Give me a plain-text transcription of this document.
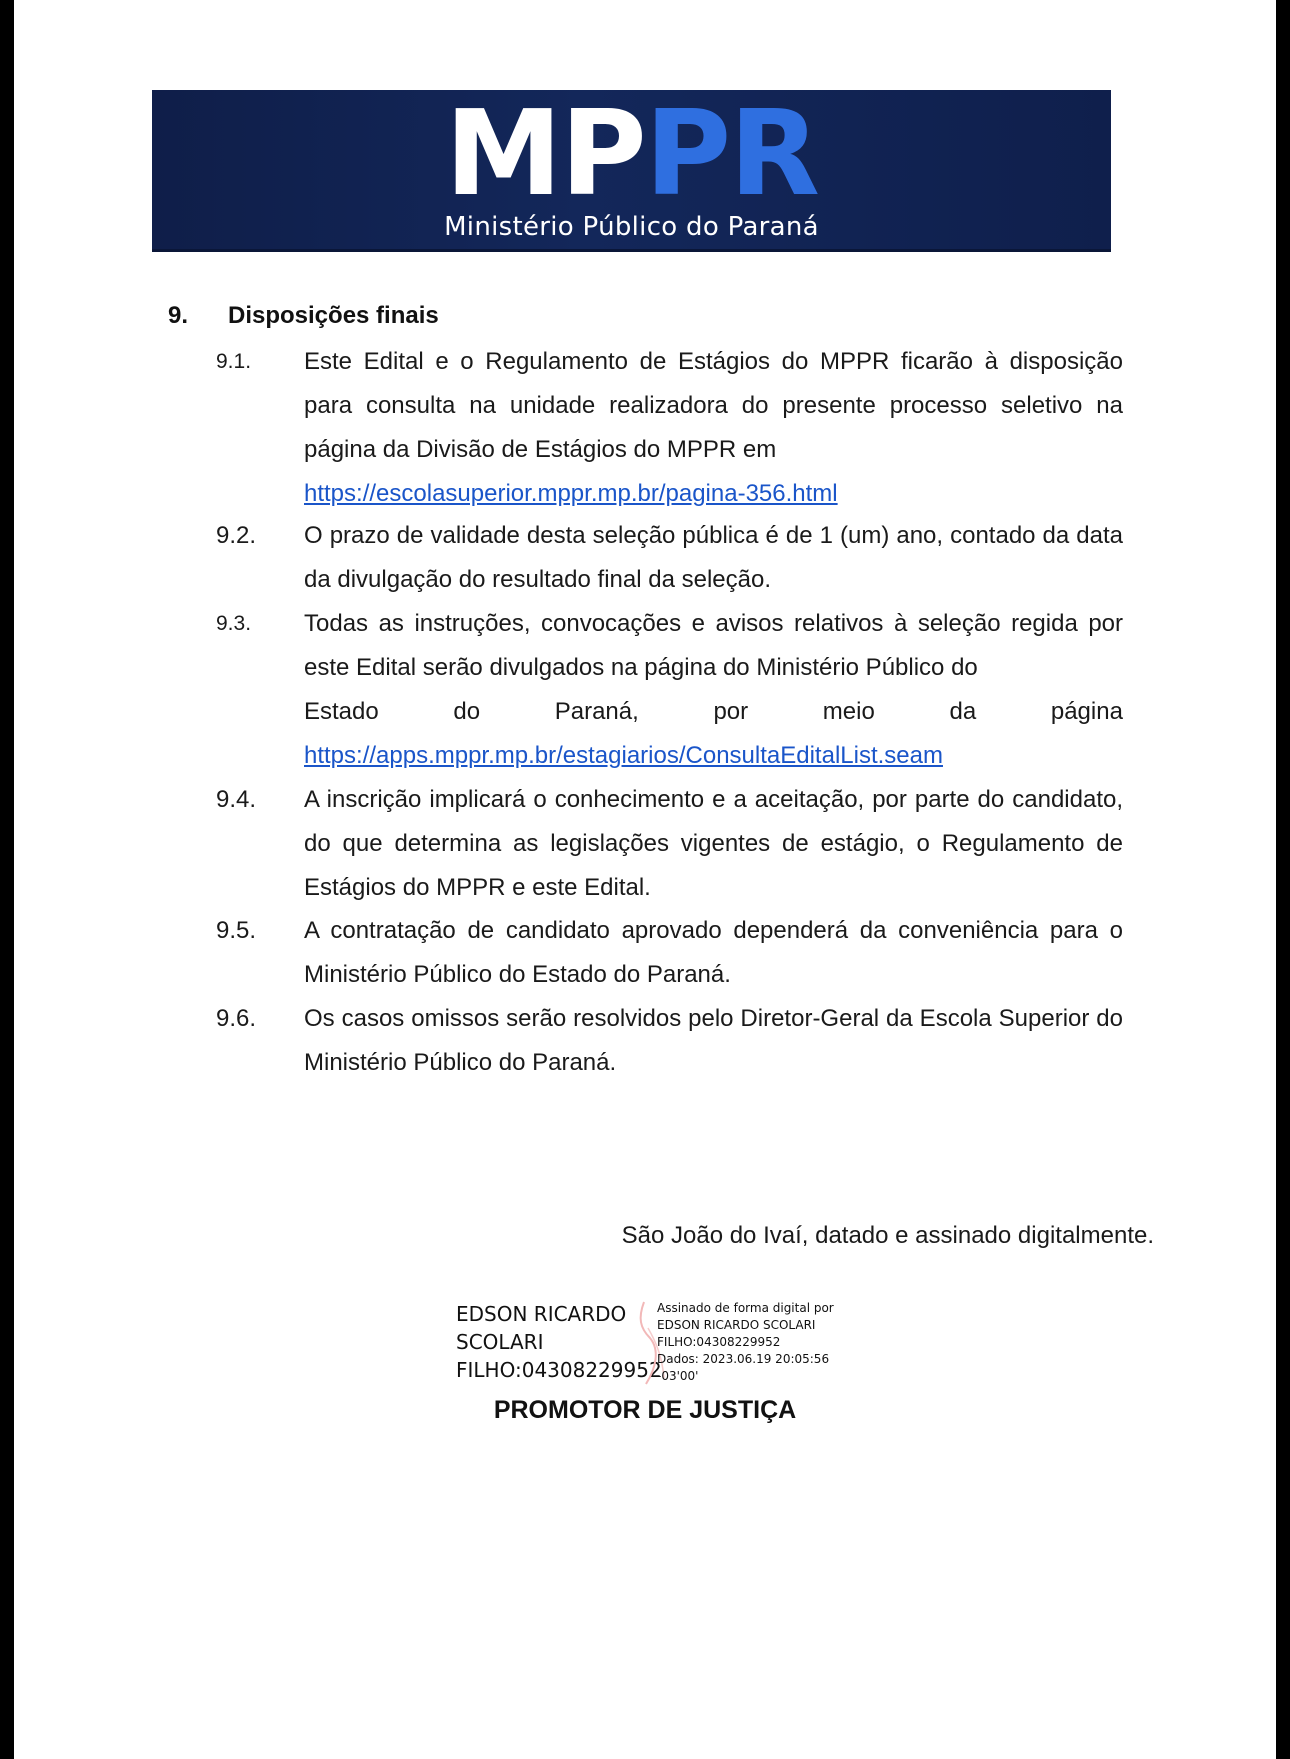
MPPR
Ministério Público do Paraná
9. Disposições finais
9.1.	Este Edital e o Regulamento de Estágios do MPPR ficarão à disposição para consulta na unidade realizadora do presente processo seletivo na página da Divisão de Estágios do MPPR em
https://escolasuperior.mppr.mp.br/pagina-356.html
9.2.	O prazo de validade desta seleção pública é de 1 (um) ano, contado da data da divulgação do resultado final da seleção.
9.3.	Todas as instruções, convocações e avisos relativos à seleção regida por este Edital serão divulgados na página do Ministério Público do
Estado	do	Paraná,	por	meio	da	página
https://apps.mppr.mp.br/estagiarios/ConsultaEditalList.seam
9.4.	A inscrição implicará o conhecimento e a aceitação, por parte do candidato, do que determina as legislações vigentes de estágio, o Regulamento de Estágios do MPPR e este Edital.
9.5.	A contratação de candidato aprovado dependerá da conveniência para o Ministério Público do Estado do Paraná.
9.6.	Os casos omissos serão resolvidos pelo Diretor-Geral da Escola Superior do Ministério Público do Paraná.
São João do Ivaí, datado e assinado digitalmente.
EDSON RICARDO
SCOLARI
FILHO:04308229952
Assinado de forma digital por
EDSON RICARDO SCOLARI
FILHO:04308229952
Dados: 2023.06.19 20:05:56
-03'00'
PROMOTOR DE JUSTIÇA
